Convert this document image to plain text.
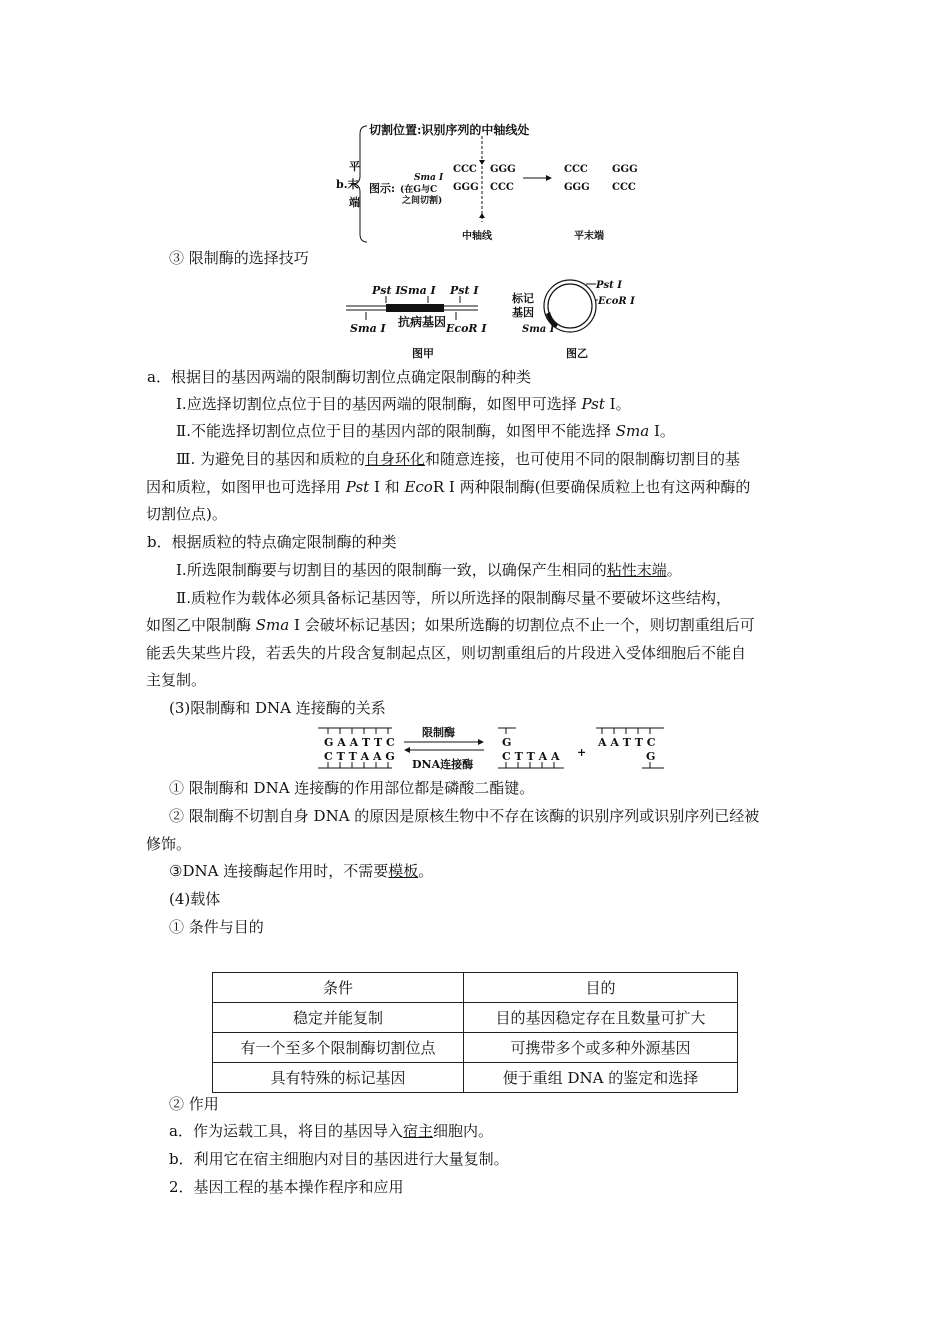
平
b.末
端
切割位置:识别序列的中轴线处
图示:
Sma Ⅰ
(在G与C
之间切割)
CCC GGG
GGG CCC
CCC GGG
GGG CCC
中轴线	平末端
③ 限制酶的选择技巧
Pst Ⅰ Sma Ⅰ Pst Ⅰ
Sma Ⅰ	EcoR Ⅰ
抗病基因
图甲
标记
基因
Pst Ⅰ
EcoR Ⅰ
Sma Ⅰ
图乙
a．根据目的基因两端的限制酶切割位点确定限制酶的种类
Ⅰ.应选择切割位点位于目的基因两端的限制酶，如图甲可选择 Pst Ⅰ。
Ⅱ.不能选择切割位点位于目的基因内部的限制酶，如图甲不能选择 Sma Ⅰ。
Ⅲ. 为避免目的基因和质粒的自身环化和随意连接，也可使用不同的限制酶切割目的基
因和质粒，如图甲也可选择用 Pst Ⅰ 和 EcoR Ⅰ 两种限制酶(但要确保质粒上也有这两种酶的
切割位点)。
b．根据质粒的特点确定限制酶的种类
Ⅰ.所选限制酶要与切割目的基因的限制酶一致，以确保产生相同的粘性末端。
Ⅱ.质粒作为载体必须具备标记基因等，所以所选择的限制酶尽量不要破坏这些结构，
如图乙中限制酶 Sma Ⅰ 会破坏标记基因；如果所选酶的切割位点不止一个，则切割重组后可
能丢失某些片段，若丢失的片段含复制起点区，则切割重组后的片段进入受体细胞后不能自
主复制。
(3)限制酶和 DNA 连接酶的关系
G A A T T C
C T T A A G
限制酶
DNA连接酶
G
C T T A A +
A A T T C
G
① 限制酶和 DNA 连接酶的作用部位都是磷酸二酯键。
② 限制酶不切割自身 DNA 的原因是原核生物中不存在该酶的识别序列或识别序列已经被
修饰。
③DNA 连接酶起作用时，不需要模板。
(4)载体
① 条件与目的
条件	目的
稳定并能复制	目的基因稳定存在且数量可扩大
有一个至多个限制酶切割位点	可携带多个或多种外源基因
具有特殊的标记基因	便于重组 DNA 的鉴定和选择
② 作用
a．作为运载工具，将目的基因导入宿主细胞内。
b．利用它在宿主细胞内对目的基因进行大量复制。
2．基因工程的基本操作程序和应用
